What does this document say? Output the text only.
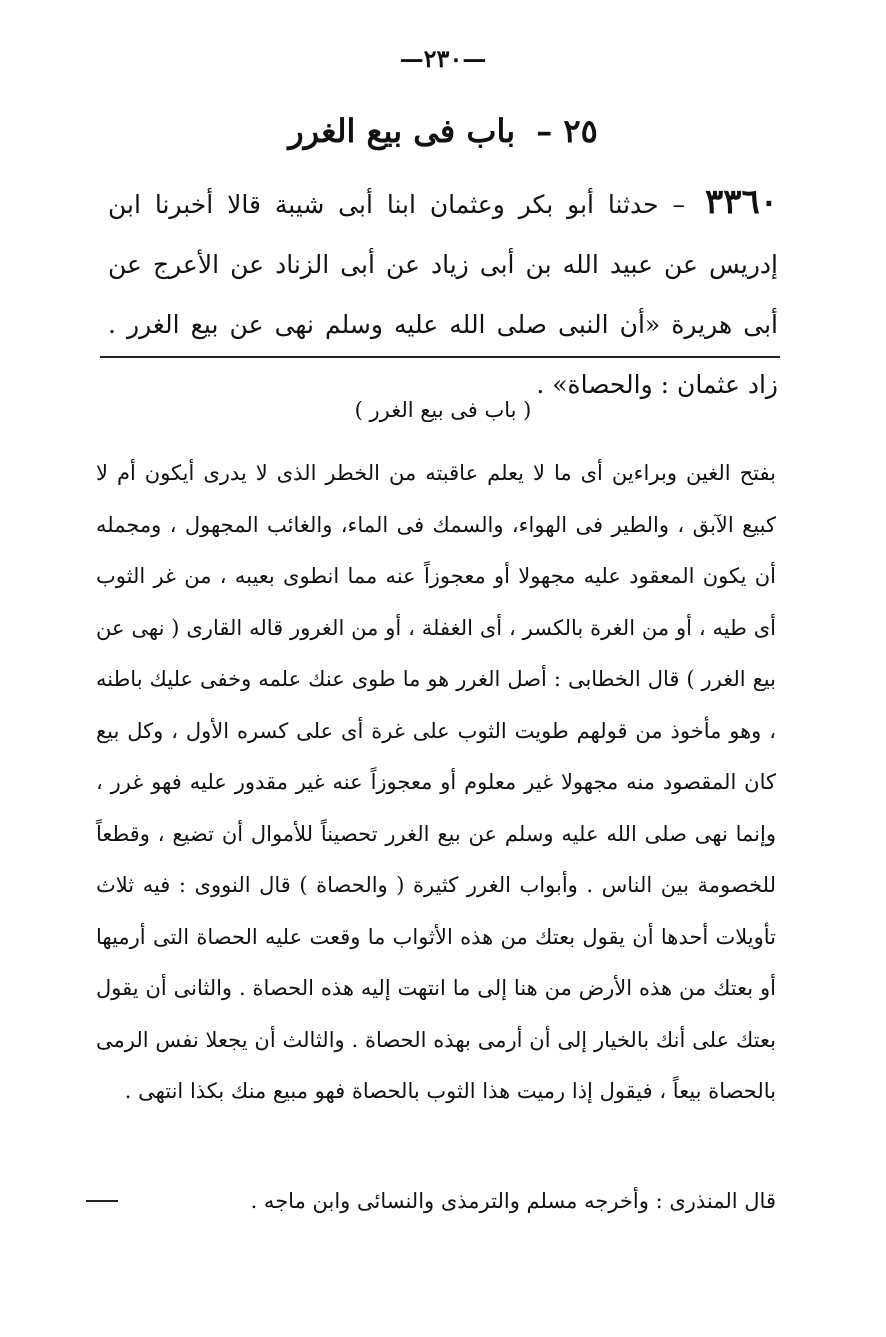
—٢٣٠—
٢٥ – باب فى بيع الغرر
٣٣٦٠ – حدثنا أبو بكر وعثمان ابنا أبى شيبة قالا أخبرنا ابن إدريس عن عبيد الله بن أبى زياد عن أبى الزناد عن الأعرج عن أبى هريرة «أن النبى صلى الله عليه وسلم نهى عن بيع الغرر . زاد عثمان : والحصاة» .
( باب فى بيع الغرر )

بفتح الغين وبراءين أى ما لا يعلم عاقبته من الخطر الذى لا يدرى أيكون أم لا كبيع الآبق ، والطير فى الهواء، والسمك فى الماء، والغائب المجهول ، ومجمله أن يكون المعقود عليه مجهولا أو معجوزاً عنه مما انطوى بعيبه ، من غر الثوب أى طيه ، أو من الغرة بالكسر ، أى الغفلة ، أو من الغرور قاله القارى ( نهى عن بيع الغرر ) قال الخطابى : أصل الغرر هو ما طوى عنك علمه وخفى عليك باطنه ، وهو مأخوذ من قولهم طويت الثوب على غرة أى على كسره الأول ، وكل بيع كان المقصود منه مجهولا غير معلوم أو معجوزاً عنه غير مقدور عليه فهو غرر ، وإنما نهى صلى الله عليه وسلم عن بيع الغرر تحصيناً للأموال أن تضيع ، وقطعاً للخصومة بين الناس . وأبواب الغرر كثيرة ( والحصاة ) قال النووى : فيه ثلاث تأويلات أحدها أن يقول بعتك من هذه الأثواب ما وقعت عليه الحصاة التى أرميها أو بعتك من هذه الأرض من هنا إلى ما انتهت إليه هذه الحصاة . والثانى أن يقول بعتك على أنك بالخيار إلى أن أرمى بهذه الحصاة . والثالث أن يجعلا نفس الرمى بالحصاة بيعاً ، فيقول إذا رميت هذا الثوب بالحصاة فهو مبيع منك بكذا انتهى .

قال المنذرى : وأخرجه مسلم والترمذى والنسائى وابن ماجه .
